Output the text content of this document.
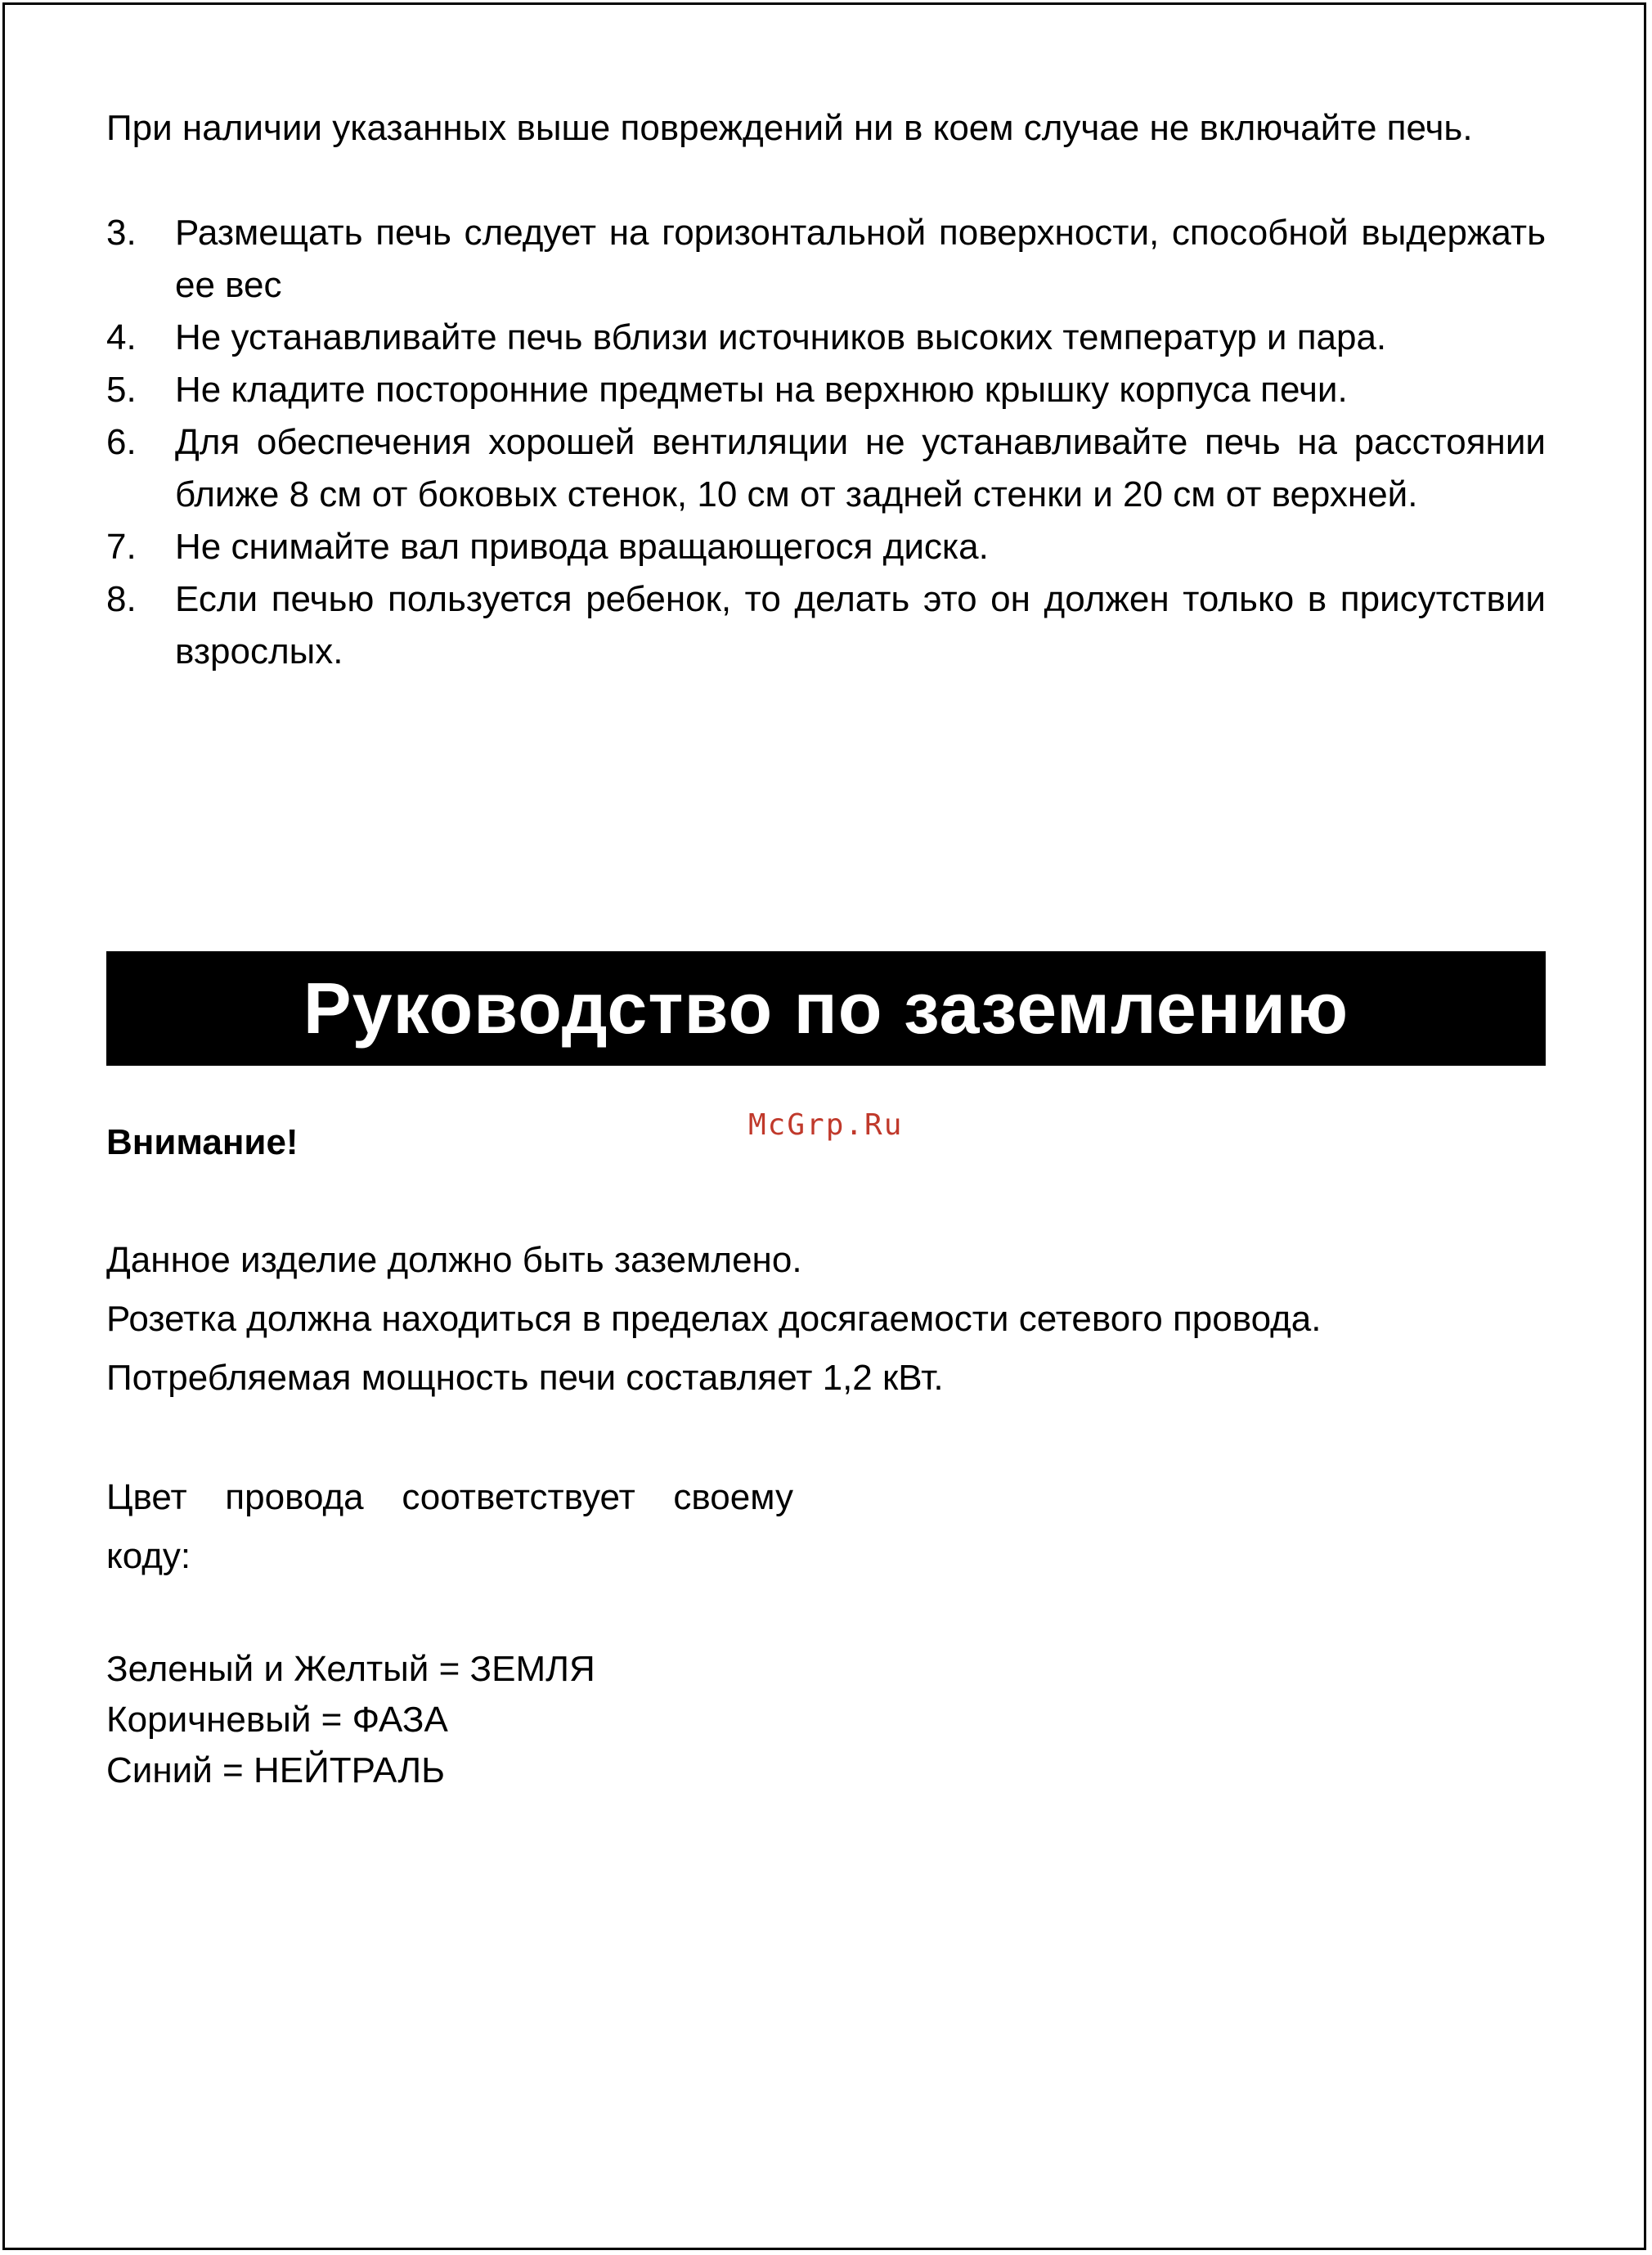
При наличии указанных выше повреждений ни в коем случае не включайте печь.

3.	Размещать печь следует на горизонтальной поверхности, способной выдержать ее вес
4.	Не устанавливайте печь вблизи источников высоких температур и пара.
5.	Не кладите посторонние предметы на верхнюю крышку корпуса печи.
6.	Для обеспечения хорошей вентиляции не устанавливайте печь на расстоянии ближе 8 см от боковых стенок, 10 см от задней стенки и 20 см от верхней.
7.	Не снимайте вал привода вращающегося диска.
8.	Если печью пользуется ребенок, то делать это он должен только в присутствии взрослых.
Руководство по заземлению
Внимание!	McGrp.Ru

Данное изделие должно быть заземлено.

Розетка должна находиться в пределах досягаемости сетевого провода.

Потребляемая мощность печи составляет 1,2 кВт.

Цвет провода соответствует своему коду:

Зеленый и Желтый = ЗЕМЛЯ

Коричневый = ФАЗА

Синий = НЕЙТРАЛЬ
